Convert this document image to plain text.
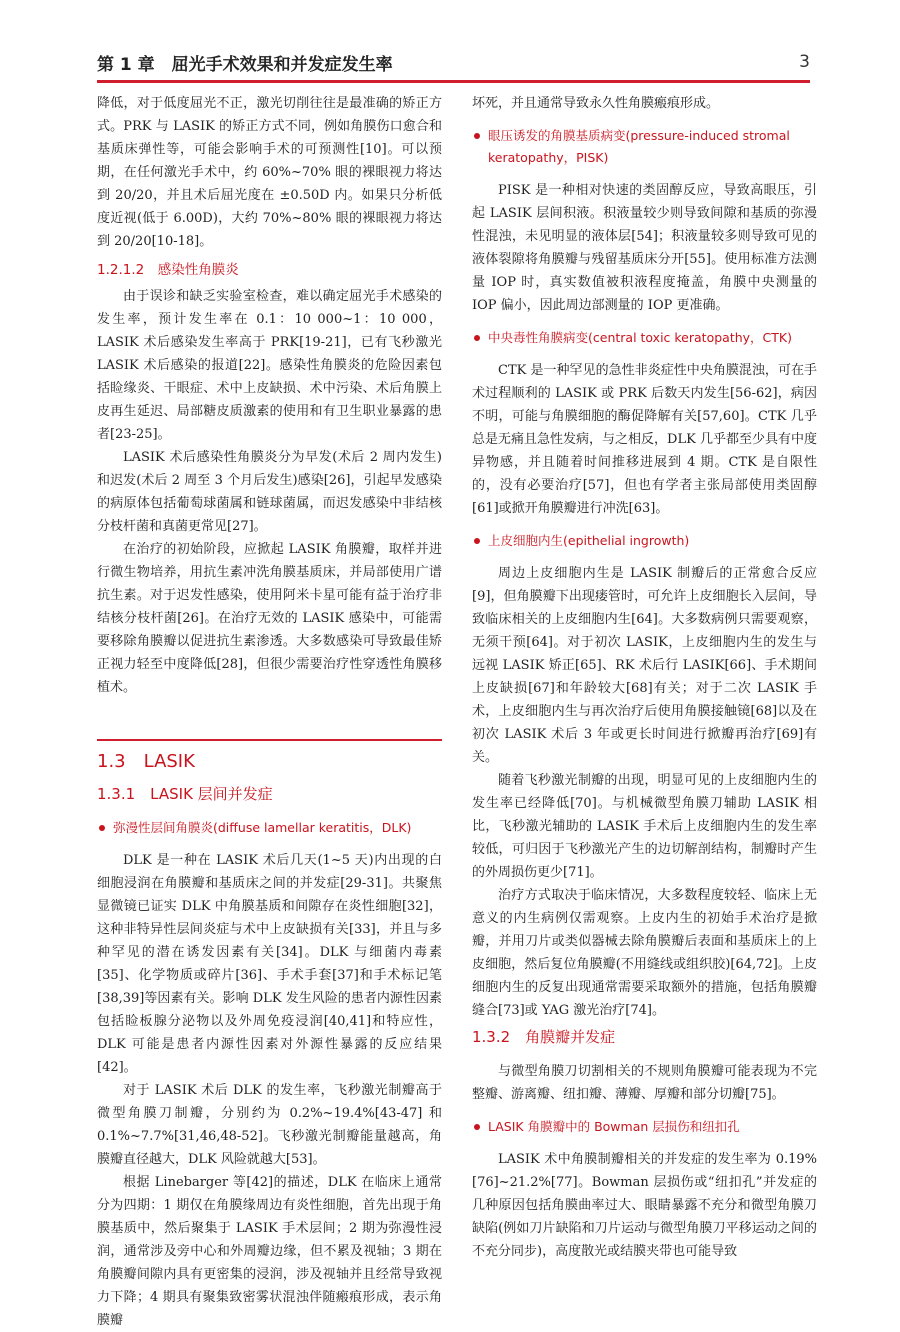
第 1 章　屈光手术效果和并发症发生率	3

降低，对于低度屈光不正，激光切削往往是最准确的矫正方式。PRK 与 LASIK 的矫正方式不同，例如角膜伤口愈合和基质床弹性等，可能会影响手术的可预测性[10]。可以预期，在任何激光手术中，约 60%~70% 眼的裸眼视力将达到 20/20，并且术后屈光度在 ±0.50D 内。如果只分析低度近视(低于 6.00D)，大约 70%~80% 眼的裸眼视力将达到 20/20[10-18]。

1.2.1.2　感染性角膜炎

由于误诊和缺乏实验室检查，难以确定屈光手术感染的发生率，预计发生率在 0.1：10 000~1：10 000，LASIK 术后感染发生率高于 PRK[19-21]，已有飞秒激光 LASIK 术后感染的报道[22]。感染性角膜炎的危险因素包括睑缘炎、干眼症、术中上皮缺损、术中污染、术后角膜上皮再生延迟、局部糖皮质激素的使用和有卫生职业暴露的患者[23-25]。

LASIK 术后感染性角膜炎分为早发(术后 2 周内发生)和迟发(术后 2 周至 3 个月后发生)感染[26]，引起早发感染的病原体包括葡萄球菌属和链球菌属，而迟发感染中非结核分枝杆菌和真菌更常见[27]。

在治疗的初始阶段，应掀起 LASIK 角膜瓣，取样并进行微生物培养，用抗生素冲洗角膜基质床，并局部使用广谱抗生素。对于迟发性感染，使用阿米卡星可能有益于治疗非结核分枝杆菌[26]。在治疗无效的 LASIK 感染中，可能需要移除角膜瓣以促进抗生素渗透。大多数感染可导致最佳矫正视力轻至中度降低[28]，但很少需要治疗性穿透性角膜移植术。

1.3　LASIK
1.3.1　LASIK 层间并发症
弥漫性层间角膜炎(diffuse lamellar keratitis，DLK)

DLK 是一种在 LASIK 术后几天(1~5 天)内出现的白细胞浸润在角膜瓣和基质床之间的并发症[29-31]。共聚焦显微镜已证实 DLK 中角膜基质和间隙存在炎性细胞[32]，这种非特异性层间炎症与术中上皮缺损有关[33]，并且与多种罕见的潜在诱发因素有关[34]。DLK 与细菌内毒素[35]、化学物质或碎片[36]、手术手套[37]和手术标记笔[38,39]等因素有关。影响 DLK 发生风险的患者内源性因素包括睑板腺分泌物以及外周免疫浸润[40,41]和特应性，DLK 可能是患者内源性因素对外源性暴露的反应结果[42]。

对于 LASIK 术后 DLK 的发生率，飞秒激光制瓣高于微型角膜刀制瓣，分别约为 0.2%~19.4%[43-47] 和 0.1%~7.7%[31,46,48-52]。飞秒激光制瓣能量越高，角膜瓣直径越大，DLK 风险就越大[53]。

根据 Linebarger 等[42]的描述，DLK 在临床上通常分为四期：1 期仅在角膜缘周边有炎性细胞，首先出现于角膜基质中，然后聚集于 LASIK 手术层间；2 期为弥漫性浸润，通常涉及旁中心和外周瓣边缘，但不累及视轴；3 期在角膜瓣间隙内具有更密集的浸润，涉及视轴并且经常导致视力下降；4 期具有聚集致密雾状混浊伴随瘢痕形成，表示角膜瓣

坏死，并且通常导致永久性角膜瘢痕形成。

眼压诱发的角膜基质病变(pressure-induced stromal keratopathy，PISK)

PISK 是一种相对快速的类固醇反应，导致高眼压，引起 LASIK 层间积液。积液量较少则导致间隙和基质的弥漫性混浊，未见明显的液体层[54]；积液量较多则导致可见的液体裂隙将角膜瓣与残留基质床分开[55]。使用标准方法测量 IOP 时，真实数值被积液程度掩盖，角膜中央测量的 IOP 偏小，因此周边部测量的 IOP 更准确。

中央毒性角膜病变(central toxic keratopathy，CTK)

CTK 是一种罕见的急性非炎症性中央角膜混浊，可在手术过程顺利的 LASIK 或 PRK 后数天内发生[56-62]，病因不明，可能与角膜细胞的酶促降解有关[57,60]。CTK 几乎总是无痛且急性发病，与之相反，DLK 几乎都至少具有中度异物感，并且随着时间推移进展到 4 期。CTK 是自限性的，没有必要治疗[57]，但也有学者主张局部使用类固醇[61]或掀开角膜瓣进行冲洗[63]。

上皮细胞内生(epithelial ingrowth)

周边上皮细胞内生是 LASIK 制瓣后的正常愈合反应[9]，但角膜瓣下出现瘘管时，可允许上皮细胞长入层间，导致临床相关的上皮细胞内生[64]。大多数病例只需要观察，无须干预[64]。对于初次 LASIK，上皮细胞内生的发生与远视 LASIK 矫正[65]、RK 术后行 LASIK[66]、手术期间上皮缺损[67]和年龄较大[68]有关；对于二次 LASIK 手术，上皮细胞内生与再次治疗后使用角膜接触镜[68]以及在初次 LASIK 术后 3 年或更长时间进行掀瓣再治疗[69]有关。

随着飞秒激光制瓣的出现，明显可见的上皮细胞内生的发生率已经降低[70]。与机械微型角膜刀辅助 LASIK 相比，飞秒激光辅助的 LASIK 手术后上皮细胞内生的发生率较低，可归因于飞秒激光产生的边切解剖结构，制瓣时产生的外周损伤更少[71]。

治疗方式取决于临床情况，大多数程度较轻、临床上无意义的内生病例仅需观察。上皮内生的初始手术治疗是掀瓣，并用刀片或类似器械去除角膜瓣后表面和基质床上的上皮细胞，然后复位角膜瓣(不用缝线或组织胶)[64,72]。上皮细胞内生的反复出现通常需要采取额外的措施，包括角膜瓣缝合[73]或 YAG 激光治疗[74]。

1.3.2　角膜瓣并发症

与微型角膜刀切割相关的不规则角膜瓣可能表现为不完整瓣、游离瓣、纽扣瓣、薄瓣、厚瓣和部分切瓣[75]。

LASIK 角膜瓣中的 Bowman 层损伤和纽扣孔

LASIK 术中角膜制瓣相关的并发症的发生率为 0.19%[76]~21.2%[77]。Bowman 层损伤或“纽扣孔”并发症的几种原因包括角膜曲率过大、眼睛暴露不充分和微型角膜刀缺陷(例如刀片缺陷和刀片运动与微型角膜刀平移运动之间的不充分同步)，高度散光或结膜夹带也可能导致
